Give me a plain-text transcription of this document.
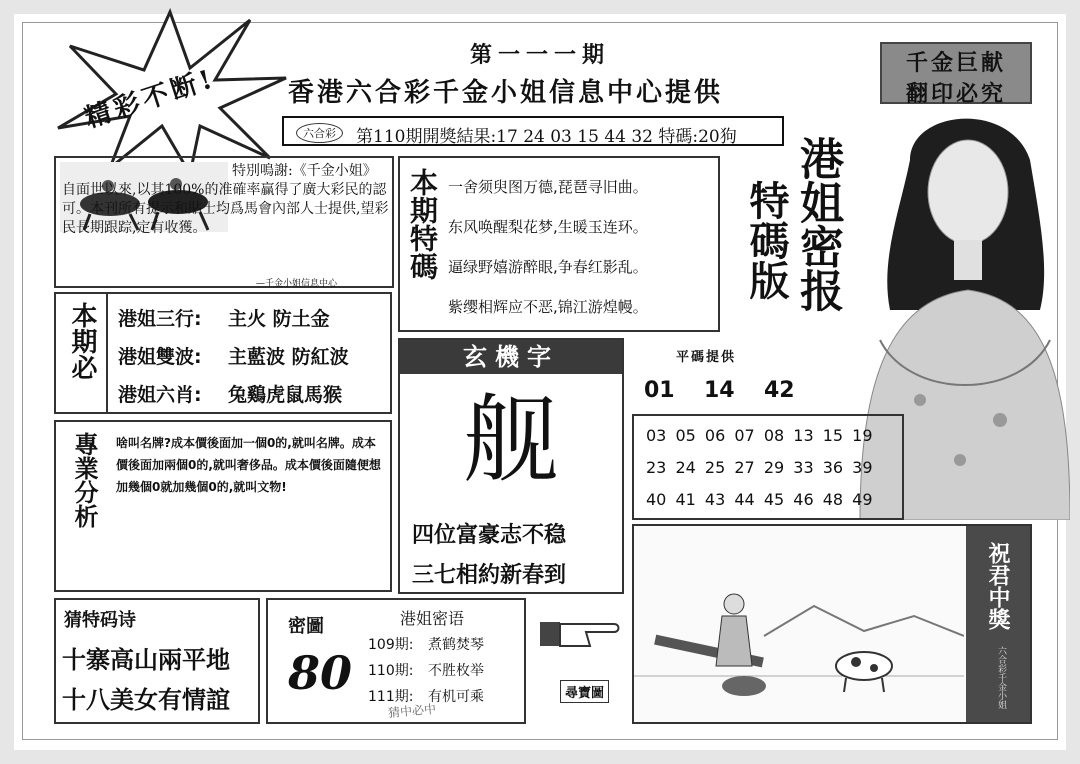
精彩不断!
第一一一期
香港六合彩千金小姐信息中心提供
千金巨献
翻印必究
六合彩	第110期開獎結果:17 24 03 15 44 32 特碼:20狗
特別鳴謝:《千金小姐》自面世以來,以其100%的准確率贏得了廣大彩民的認可。本刊所有提示和貼士均爲馬會內部人士提供,望彩民長期跟踪,定有收獲。
—千金小姐信息中心
本期特碼 一舍须臾图万德,琵琶寻旧曲。
东风唤醒梨花梦,生暖玉连环。
逼绿野嬉游醉眼,争春红影乱。
紫缨相辉应不恶,锦江游煌幔。
特碼版 港姐密报
本期必 港姐三行: 主火 防土金
港姐雙波: 主藍波 防紅波
港姐六肖: 兔鷄虎鼠馬猴
專業分析	啥叫名牌?成本價後面加一個0的,就叫名牌。成本價後面加兩個0的,就叫奢侈品。成本價後面隨便想加幾個0就加幾個0的,就叫文物!
玄機字
舰
四位富豪志不稳
三七相約新春到
平碼提供
01 14 42
03 05 06 07 08 13 15 19
23 24 25 27 29 33 36 39
40 41 43 44 45 46 48 49
猜特码诗
十寨高山兩平地
十八美女有情誼
密圖
80
猜中必中
港姐密语
109期: 煮鹤焚琴
110期: 不胜枚举
111期: 有机可乘	尋寶圖
祝君中獎
六合彩千金小姐
